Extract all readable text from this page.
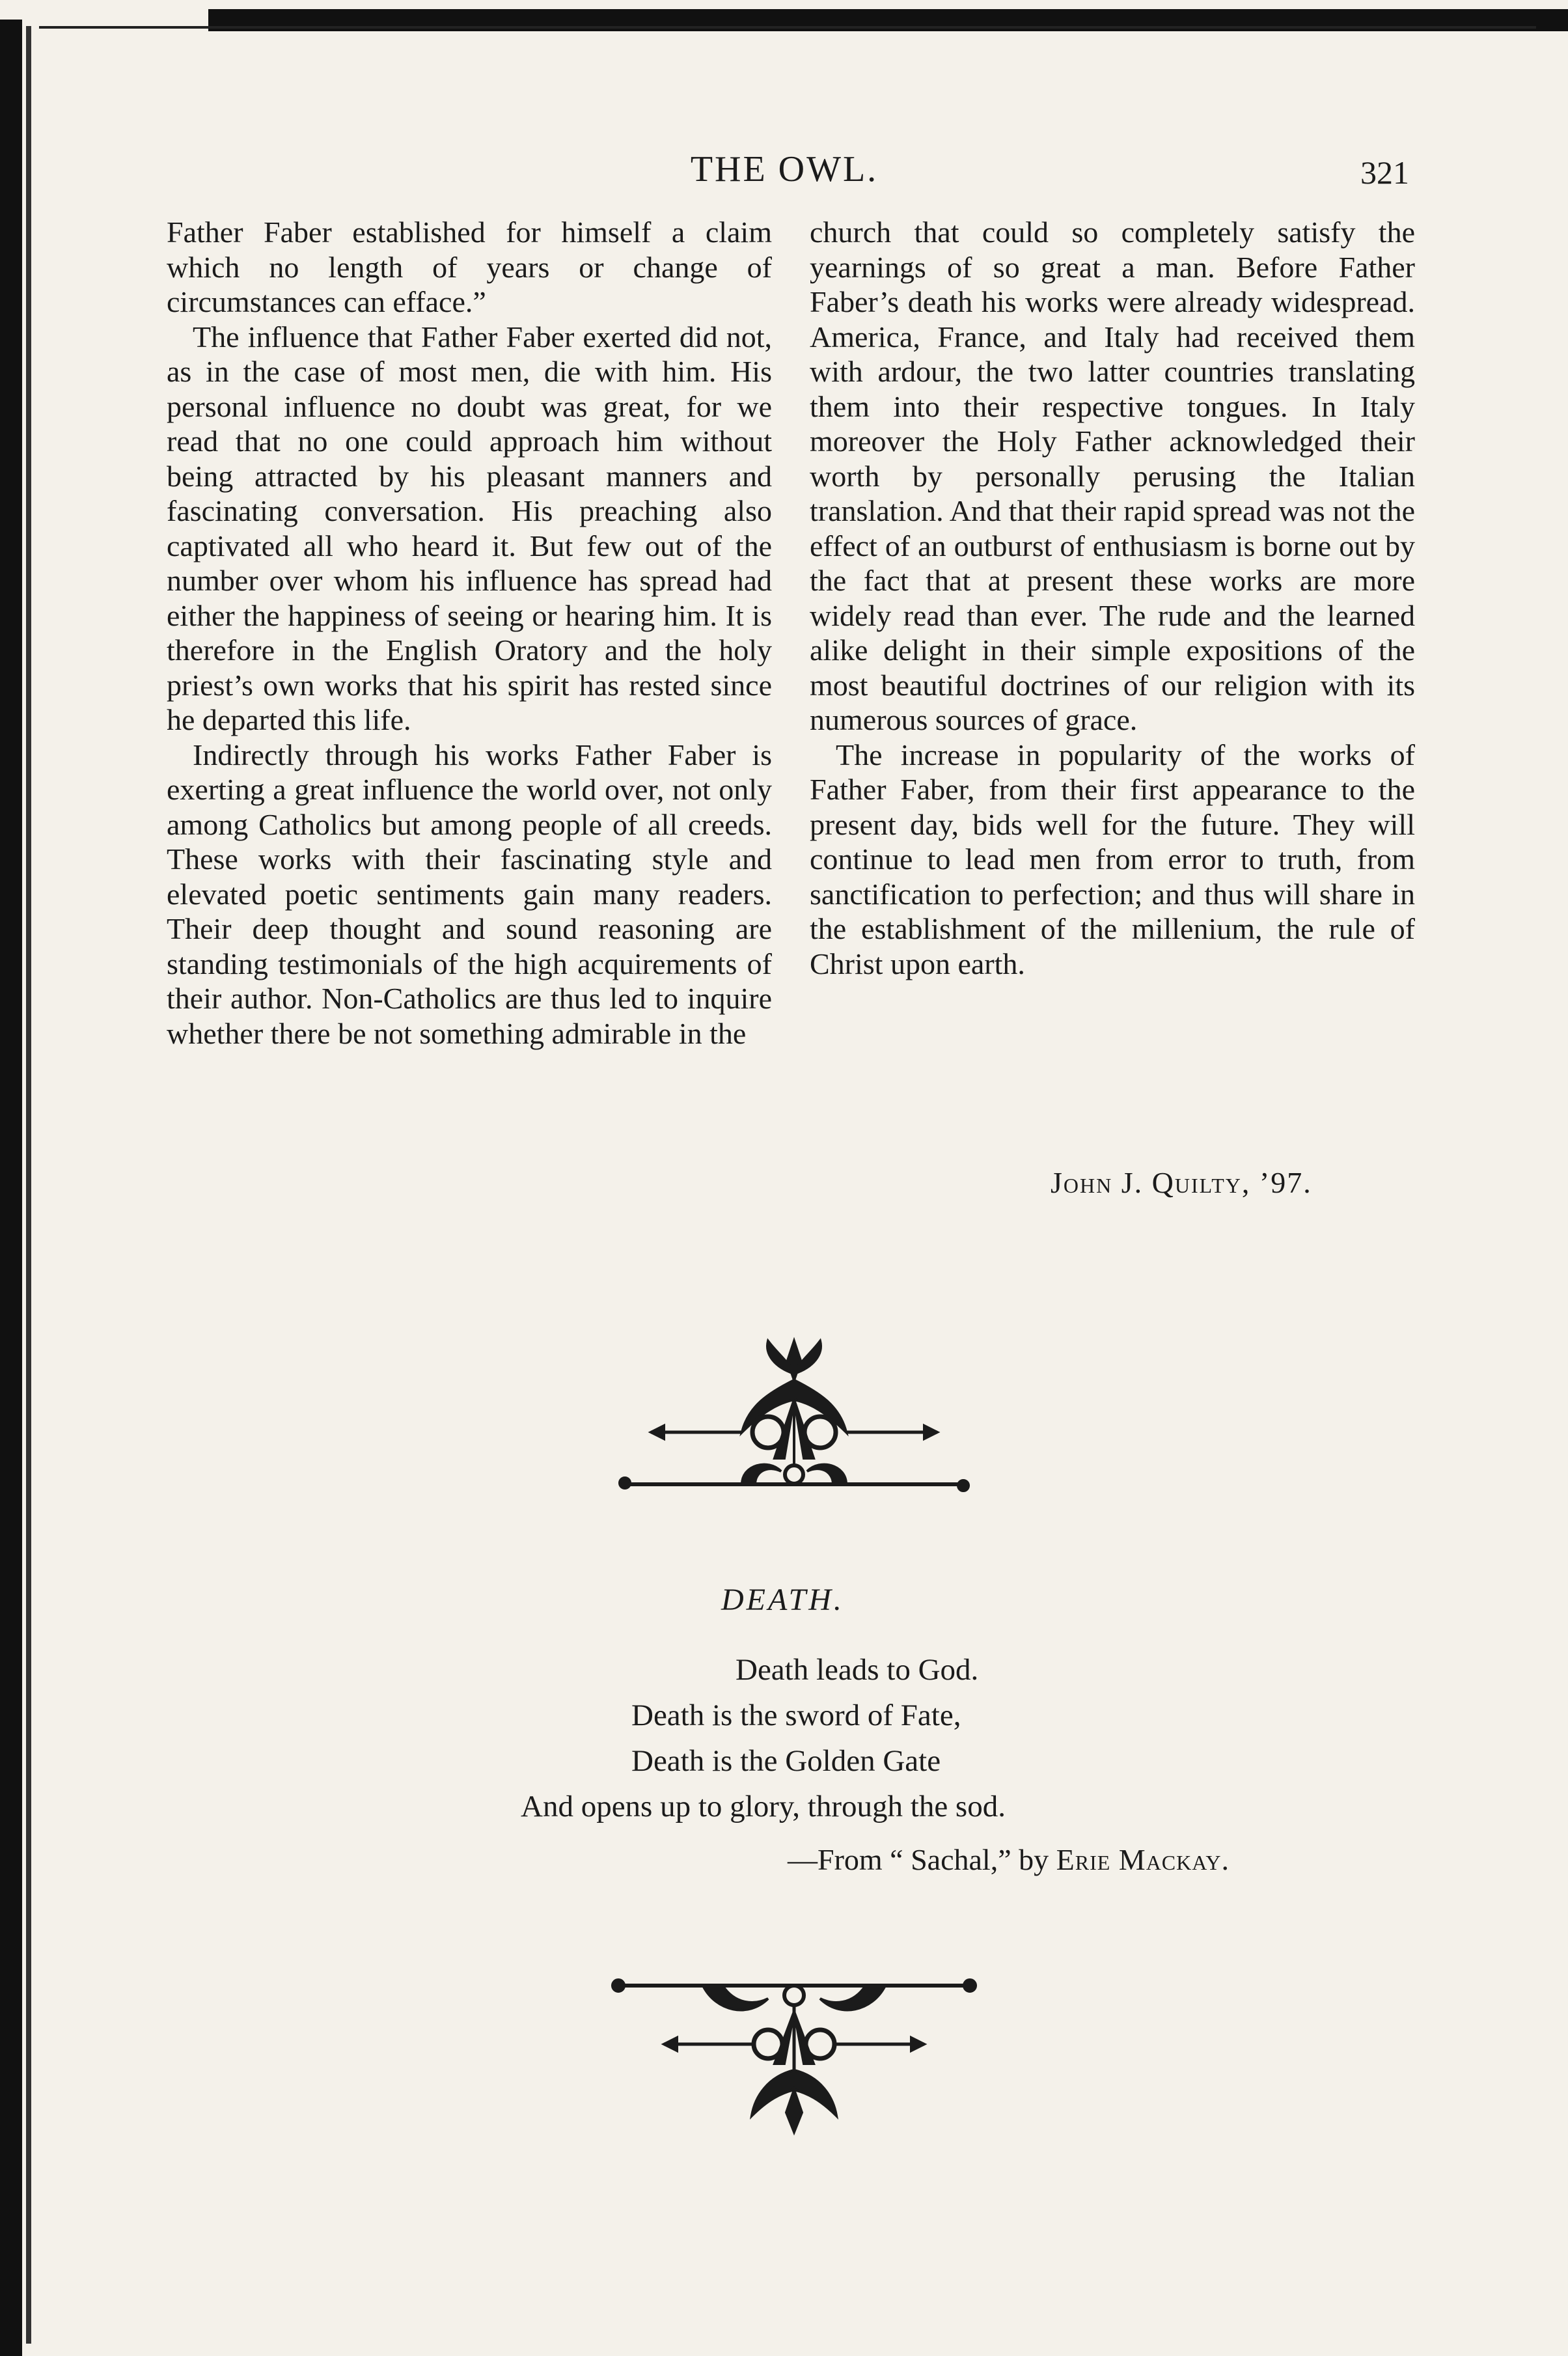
THE OWL.	321

Father Faber established for himself a claim which no length of years or change of circumstances can efface.”

The influence that Father Faber exerted did not, as in the case of most men, die with him. His personal influence no doubt was great, for we read that no one could approach him without being attracted by his pleasant manners and fascinating conversation. His preaching also captivated all who heard it. But few out of the number over whom his influence has spread had either the happiness of seeing or hearing him. It is therefore in the English Oratory and the holy priest’s own works that his spirit has rested since he departed this life.

Indirectly through his works Father Faber is exerting a great influence the world over, not only among Catholics but among people of all creeds. These works with their fascinating style and elevated poetic sentiments gain many readers. Their deep thought and sound reasoning are standing testimonials of the high acquirements of their author. Non-Catholics are thus led to inquire whether there be not something admirable in the

church that could so completely satisfy the yearnings of so great a man. Before Father Faber’s death his works were already widespread. America, France, and Italy had received them with ardour, the two latter countries translating them into their respective tongues. In Italy moreover the Holy Father acknowledged their worth by personally perusing the Italian translation. And that their rapid spread was not the effect of an outburst of enthusiasm is borne out by the fact that at present these works are more widely read than ever. The rude and the learned alike delight in their simple expositions of the most beautiful doctrines of our religion with its numerous sources of grace.

The increase in popularity of the works of Father Faber, from their first appearance to the present day, bids well for the future. They will continue to lead men from error to truth, from sanctification to perfection; and thus will share in the establishment of the millenium, the rule of Christ upon earth.

John J. Quilty, ’97.
DEATH.
Death leads to God.
Death is the sword of Fate,
Death is the Golden Gate
And opens up to glory, through the sod.
—From “ Sachal,” by Erie Mackay.
